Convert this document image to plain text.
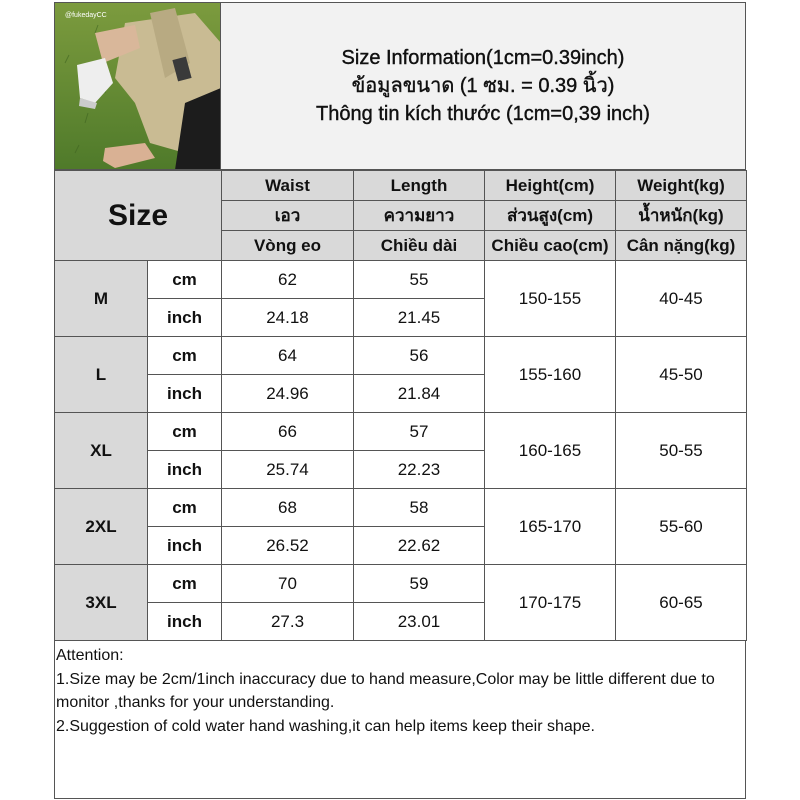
@fukedayCC
Size Information(1cm=0.39inch)
ข้อมูลขนาด (1 ซม. = 0.39 นิ้ว)
Thông tin kích thước (1cm=0,39 inch)
Size		Waist	Length	Height(cm)	Weight(kg)
		เอว	ความยาว	ส่วนสูง(cm)	น้ำหนัก(kg)
		Vòng eo	Chiều dài	Chiều cao(cm)	Cân nặng(kg)
M	cm	62	55	150-155	40-45
	inch	24.18	21.45		
L	cm	64	56	155-160	45-50
	inch	24.96	21.84		
XL	cm	66	57	160-165	50-55
	inch	25.74	22.23		
2XL	cm	68	58	165-170	55-60
	inch	26.52	22.62		
3XL	cm	70	59	170-175	60-65
	inch	27.3	23.01		
Attention:
1.Size may be 2cm/1inch inaccuracy due to hand measure,Color may be little different due to monitor ,thanks for your understanding.
2.Suggestion of cold water hand washing,it can help items keep their shape.
